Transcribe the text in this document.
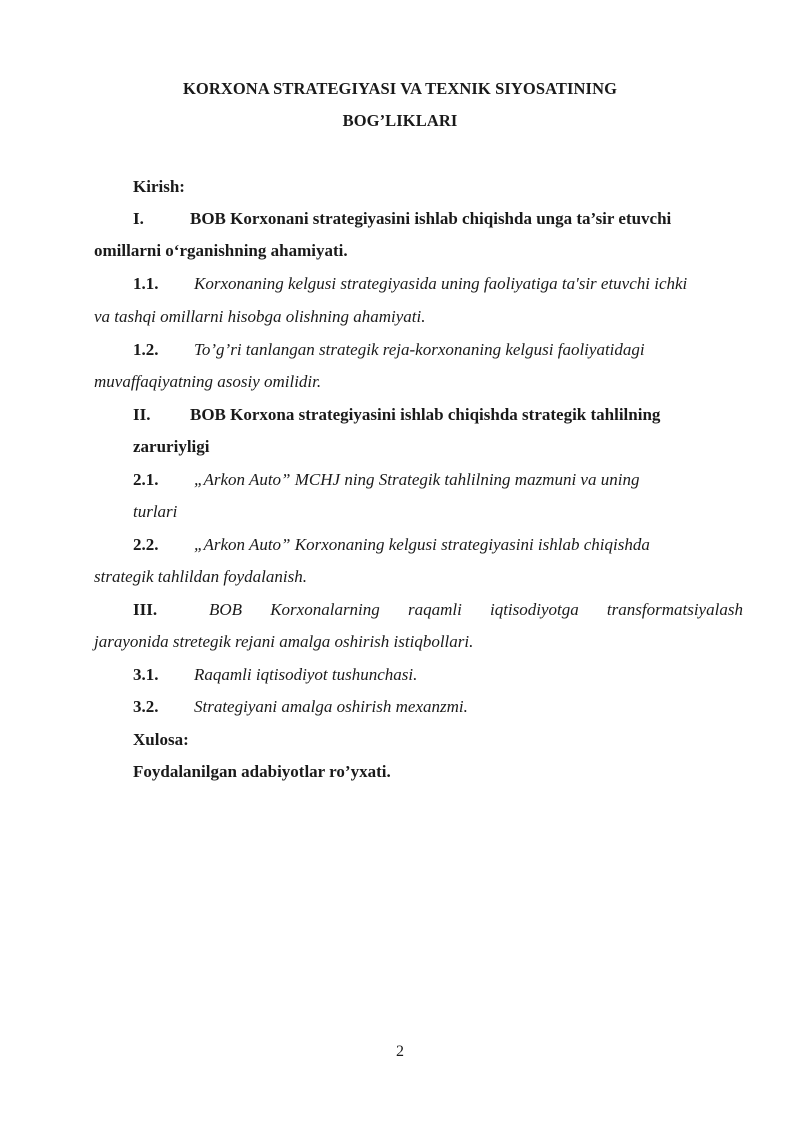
KORXONA STRATEGIYASI VA TEXNIK SIYOSATINING
BOG’LIKLARI
Kirish:
I.	BOB Korxonani strategiyasini ishlab chiqishda unga ta’sir etuvchi
omillarni o‘rganishning ahamiyati.
1.1. Korxonaning kelgusi strategiyasida uning faoliyatiga ta'sir etuvchi ichki
va tashqi omillarni hisobga olishning ahamiyati.
1.2. To’g’ri tanlangan strategik reja-korxonaning kelgusi faoliyatidagi
muvaffaqiyatning asosiy omilidir.
II. BOB Korxona strategiyasini ishlab chiqishda strategik tahlilning
zaruriyligi
2.1. „Arkon Auto” MCHJ ning Strategik tahlilning mazmuni va uning
turlari
2.2. „Arkon Auto” Korxonaning kelgusi strategiyasini ishlab chiqishda
strategik tahlildan foydalanish.
III.	BOB Korxonalarning raqamli iqtisodiyotga transformatsiyalash
jarayonida stretegik rejani amalga oshirish istiqbollari.
3.1. Raqamli iqtisodiyot tushunchasi.
3.2. Strategiyani amalga oshirish mexanzmi.
Xulosa:
Foydalanilgan adabiyotlar ro’yxati.
2
